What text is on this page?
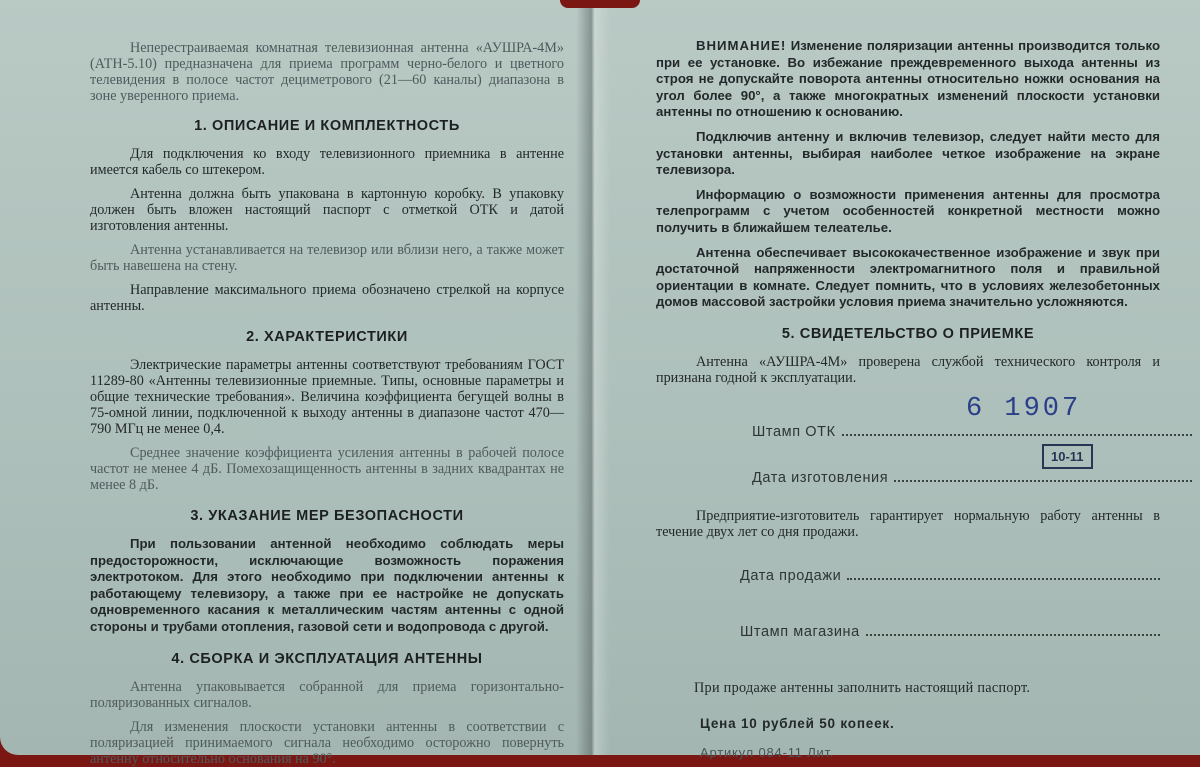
Неперестраиваемая комнатная телевизионная антенна «АУШРА-4М» (АТН-5.10) предназначена для приема программ черно-белого и цветного телевидения в полосе частот дециметрового (21—60 каналы) диапазона в зоне уверенного приема.

1. ОПИСАНИЕ И КОМПЛЕКТНОСТЬ

Для подключения ко входу телевизионного приемника в антенне имеется кабель со штекером.

Антенна должна быть упакована в картонную коробку. В упаковку должен быть вложен настоящий паспорт с отметкой ОТК и датой изготовления антенны.

Антенна устанавливается на телевизор или вблизи него, а также может быть навешена на стену.

Направление максимального приема обозначено стрелкой на корпусе антенны.

2. ХАРАКТЕРИСТИКИ

Электрические параметры антенны соответствуют требованиям ГОСТ 11289-80 «Антенны телевизионные приемные. Типы, основные параметры и общие технические требования». Величина коэффициента бегущей волны в 75-омной линии, подключенной к выходу антенны в диапазоне частот 470—790 МГц не менее 0,4.

Среднее значение коэффициента усиления антенны в рабочей полосе частот не менее 4 дБ. Помехозащищенность антенны в задних квадрантах не менее 8 дБ.

3. УКАЗАНИЕ МЕР БЕЗОПАСНОСТИ

При пользовании антенной необходимо соблюдать меры предосторожности, исключающие возможность поражения электротоком. Для этого необходимо при подключении антенны к работающему телевизору, а также при ее настройке не допускать одновременного касания к металлическим частям антенны с одной стороны и трубами отопления, газовой сети и водопровода с другой.

4. СБОРКА И ЭКСПЛУАТАЦИЯ АНТЕННЫ

Антенна упаковывается собранной для приема горизонтально-поляризованных сигналов.

Для изменения плоскости установки антенны в соответствии с поляризацией принимаемого сигнала необходимо осторожно повернуть антенну относительно основания на 90°.

ВНИМАНИЕ! Изменение поляризации антенны производится только при ее установке. Во избежание преждевременного выхода антенны из строя не допускайте поворота антенны относительно ножки основания на угол более 90°, а также многократных изменений плоскости установки антенны по отношению к основанию.

Подключив антенну и включив телевизор, следует найти место для установки антенны, выбирая наиболее четкое изображение на экране телевизора.

Информацию о возможности применения антенны для просмотра телепрограмм с учетом особенностей конкретной местности можно получить в ближайшем телеателье.

Антенна обеспечивает высококачественное изображение и звук при достаточной напряженности электромагнитного поля и правильной ориентации в комнате. Следует помнить, что в условиях железобетонных домов массовой застройки условия приема значительно усложняются.

5. СВИДЕТЕЛЬСТВО О ПРИЕМКЕ

Антенна «АУШРА-4М» проверена службой технического контроля и признана годной к эксплуатации.

6 1907
Штамп ОТК
10-11
Дата изготовления

Предприятие-изготовитель гарантирует нормальную работу антенны в течение двух лет со дня продажи.

Дата продажи
Штамп магазина

При продаже антенны заполнить настоящий паспорт.

Цена 10 рублей 50 копеек.

Артикул 084-11 Лит.
